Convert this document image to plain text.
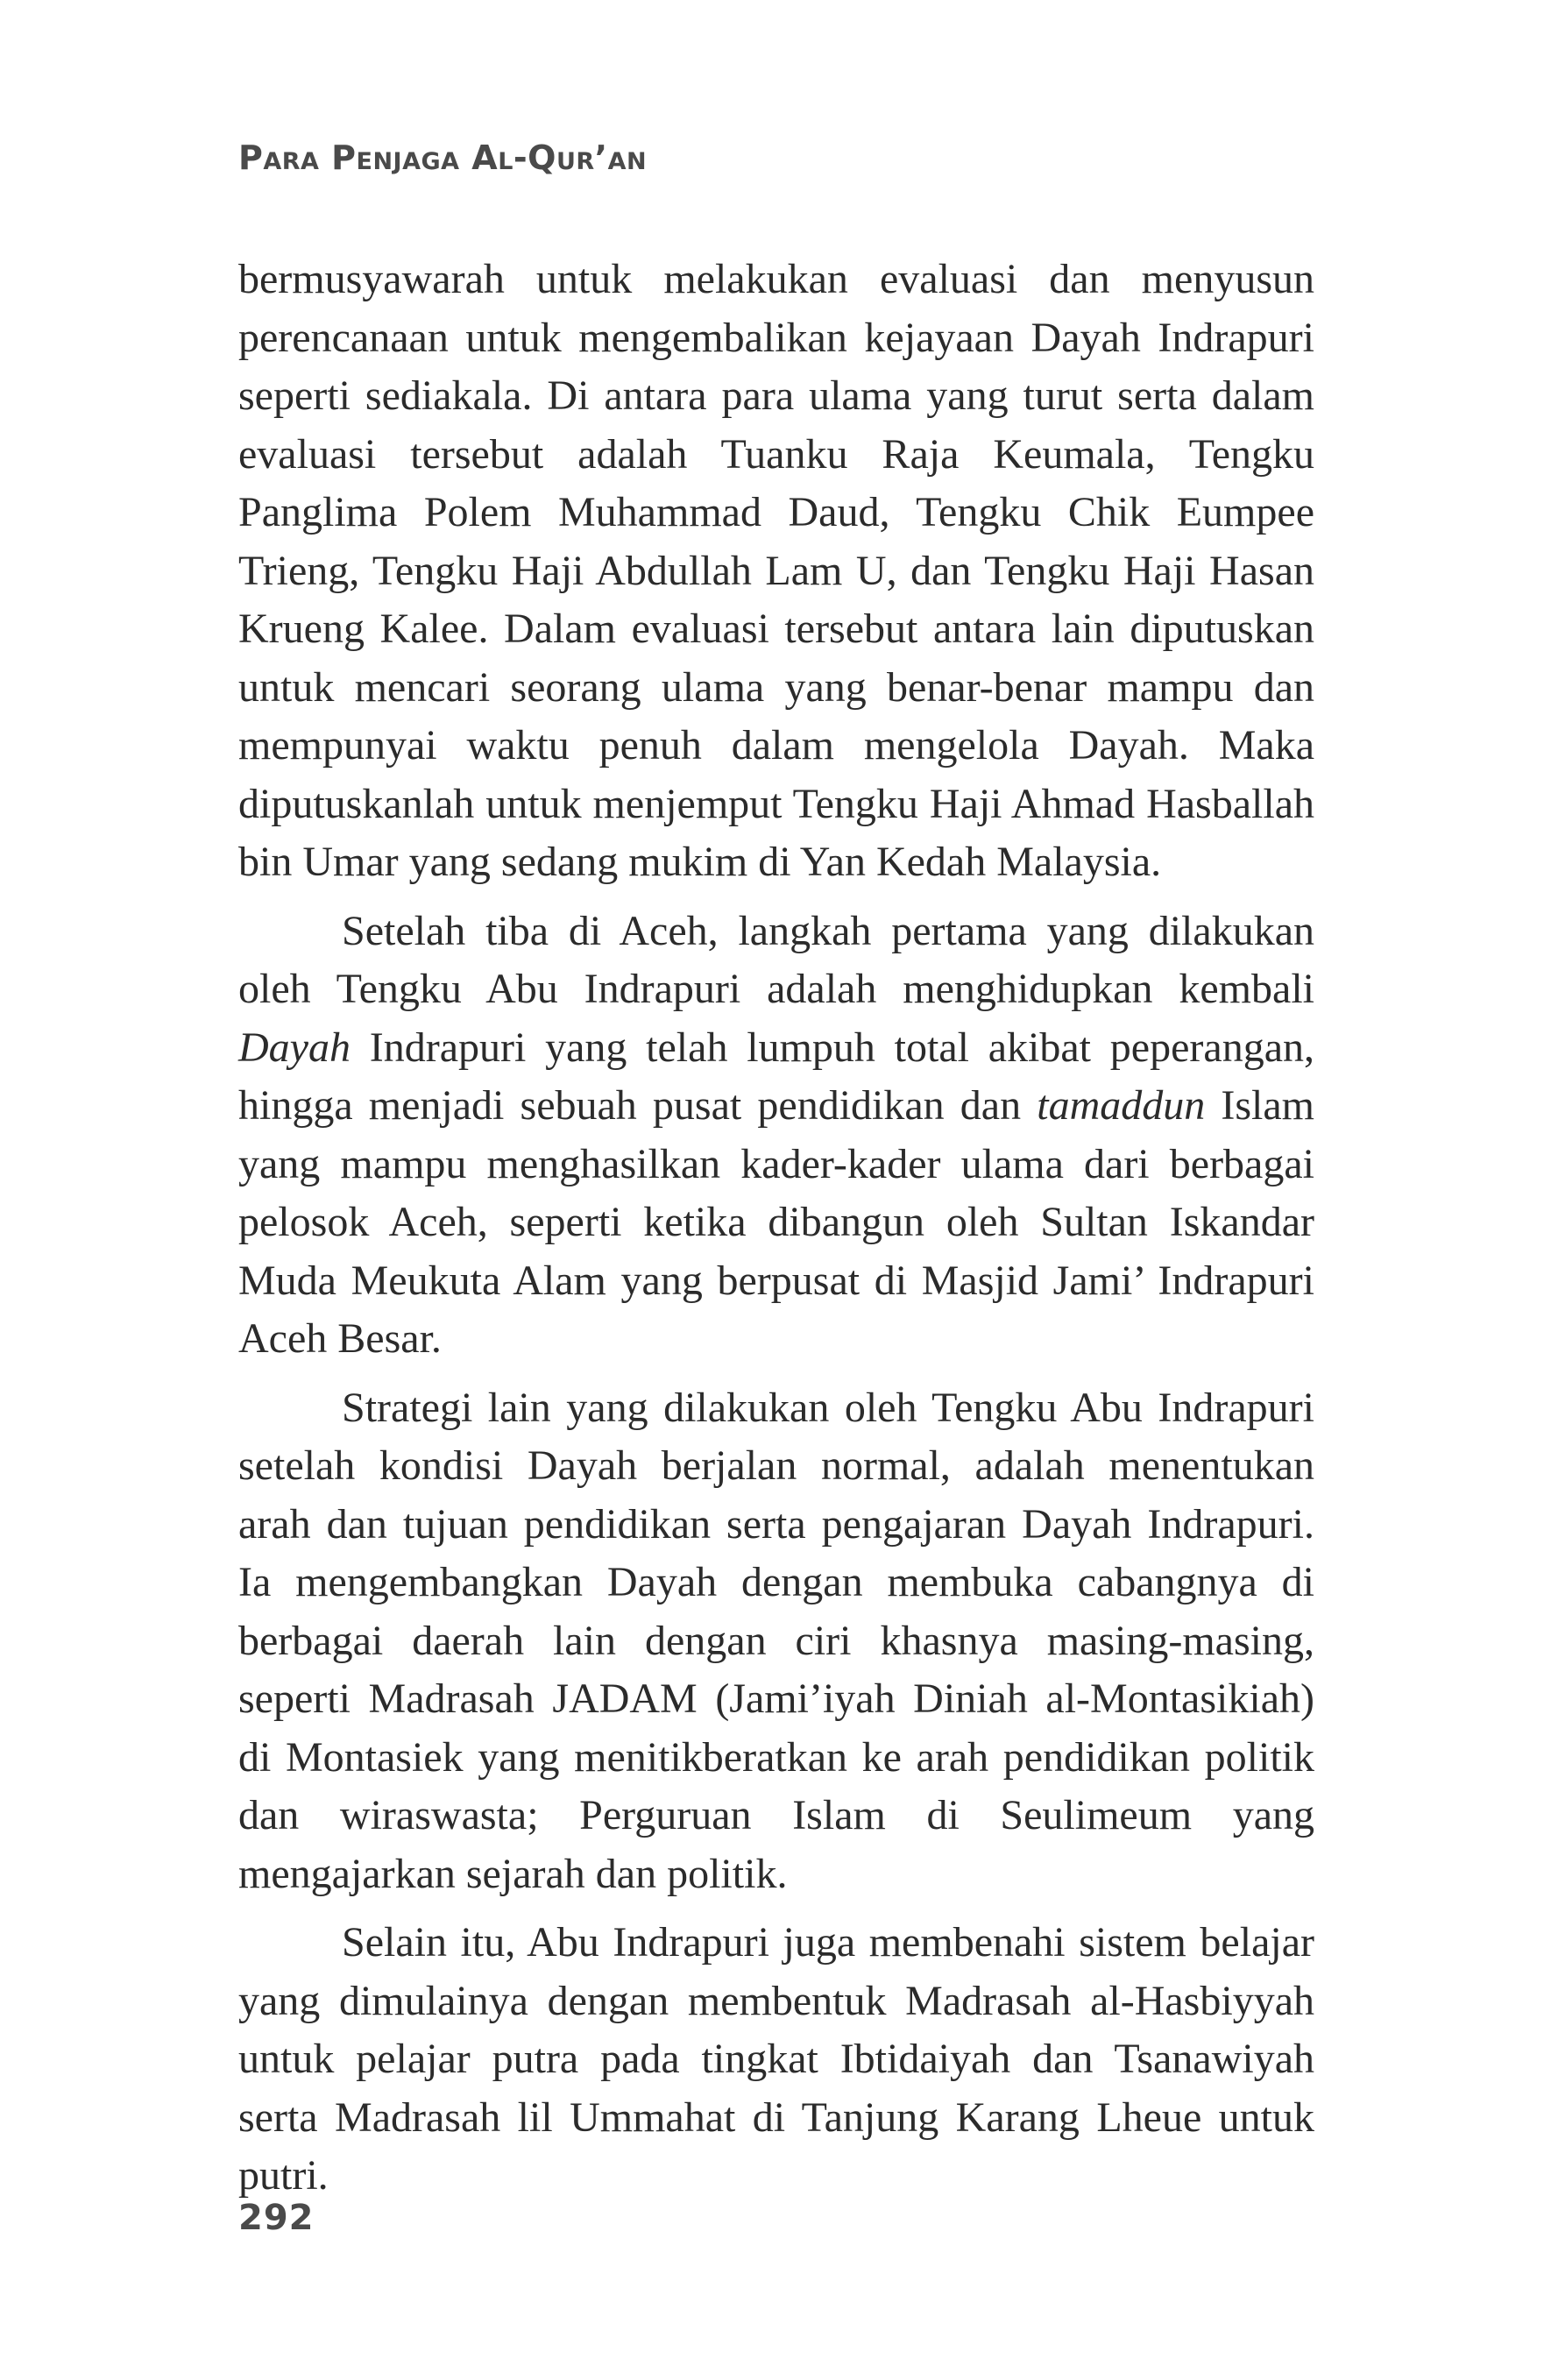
Para Penjaga Al-Qur’an

bermusyawarah untuk melakukan evaluasi dan menyusun perencanaan untuk mengembalikan kejayaan Dayah Indrapuri seperti sediakala. Di antara para ulama yang turut serta dalam evaluasi tersebut adalah Tuanku Raja Keumala, Tengku Panglima Polem Muhammad Daud, Tengku Chik Eumpee Trieng, Tengku Haji Abdullah Lam U, dan Tengku Haji Hasan Krueng Kalee. Dalam evaluasi tersebut antara lain diputuskan untuk mencari seorang ulama yang benar-benar mampu dan mempunyai waktu penuh dalam mengelola Dayah. Maka diputuskanlah untuk menjemput Tengku Haji Ahmad Hasballah bin Umar yang sedang mukim di Yan Kedah Malaysia.

Setelah tiba di Aceh, langkah pertama yang dilakukan oleh Tengku Abu Indrapuri adalah menghidupkan kembali Dayah Indrapuri yang telah lumpuh total akibat peperangan, hingga menjadi sebuah pusat pendidikan dan tamaddun Islam yang mampu menghasilkan kader-kader ulama dari berbagai pelosok Aceh, seperti ketika dibangun oleh Sultan Iskandar Muda Meukuta Alam yang berpusat di Masjid Jami’ Indrapuri Aceh Besar.

Strategi lain yang dilakukan oleh Tengku Abu Indrapuri setelah kondisi Dayah berjalan normal, adalah menentukan arah dan tujuan pendidikan serta pengajaran Dayah Indrapuri. Ia mengembangkan Dayah dengan membuka cabangnya di berbagai daerah lain dengan ciri khasnya masing-masing, seperti Madrasah JADAM (Jami’iyah Diniah al-Montasikiah) di Montasiek yang menitikberatkan ke arah pendidikan politik dan wiraswasta; Perguruan Islam di Seulimeum yang mengajarkan sejarah dan politik.

Selain itu, Abu Indrapuri juga membenahi sistem belajar yang dimulainya dengan membentuk Madrasah al-Hasbiyyah untuk pelajar putra pada tingkat Ibtidaiyah dan Tsanawiyah serta Madrasah lil Ummahat di Tanjung Karang Lheue untuk putri.

292
